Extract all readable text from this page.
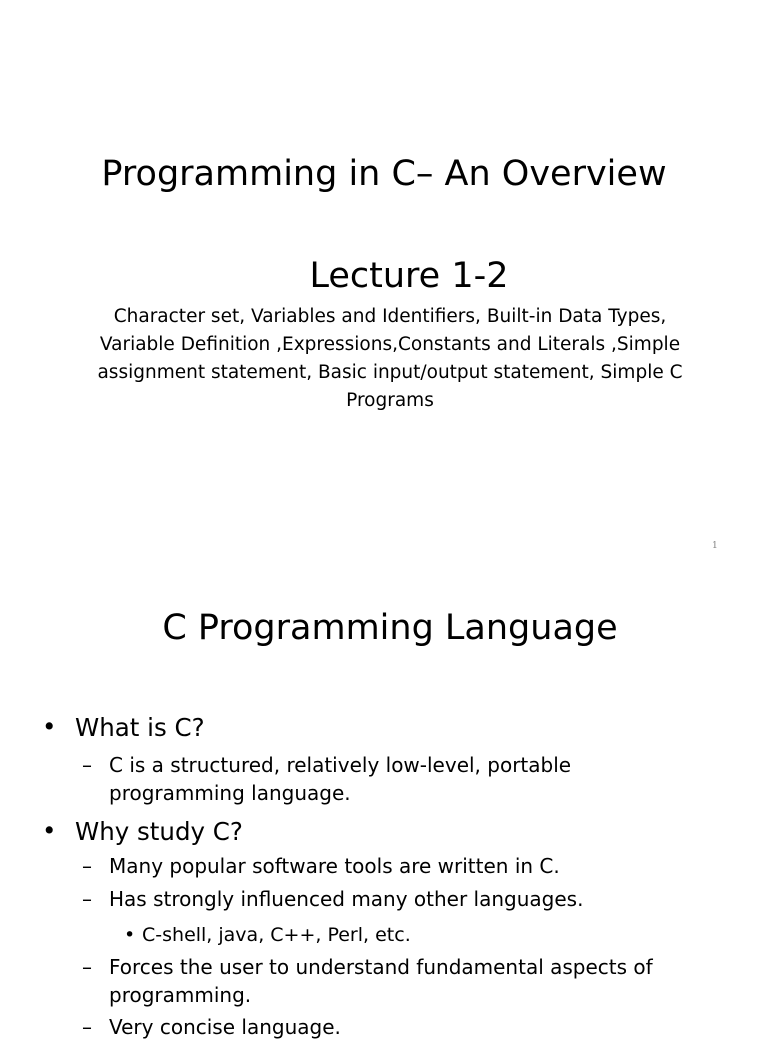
Programming in C– An Overview
Lecture 1-2
Character set, Variables and Identifiers, Built-in Data Types, Variable Definition ,Expressions,Constants and Literals ,Simple assignment statement, Basic input/output statement, Simple C Programs
1
C Programming Language
• What is C?
– C is a structured, relatively low-level, portable
programming language.
• Why study C?
– Many popular software tools are written in C.
– Has strongly influenced many other languages.
• C-shell, java, C++, Perl, etc.
– Forces the user to understand fundamental aspects of
programming.
– Very concise language.
